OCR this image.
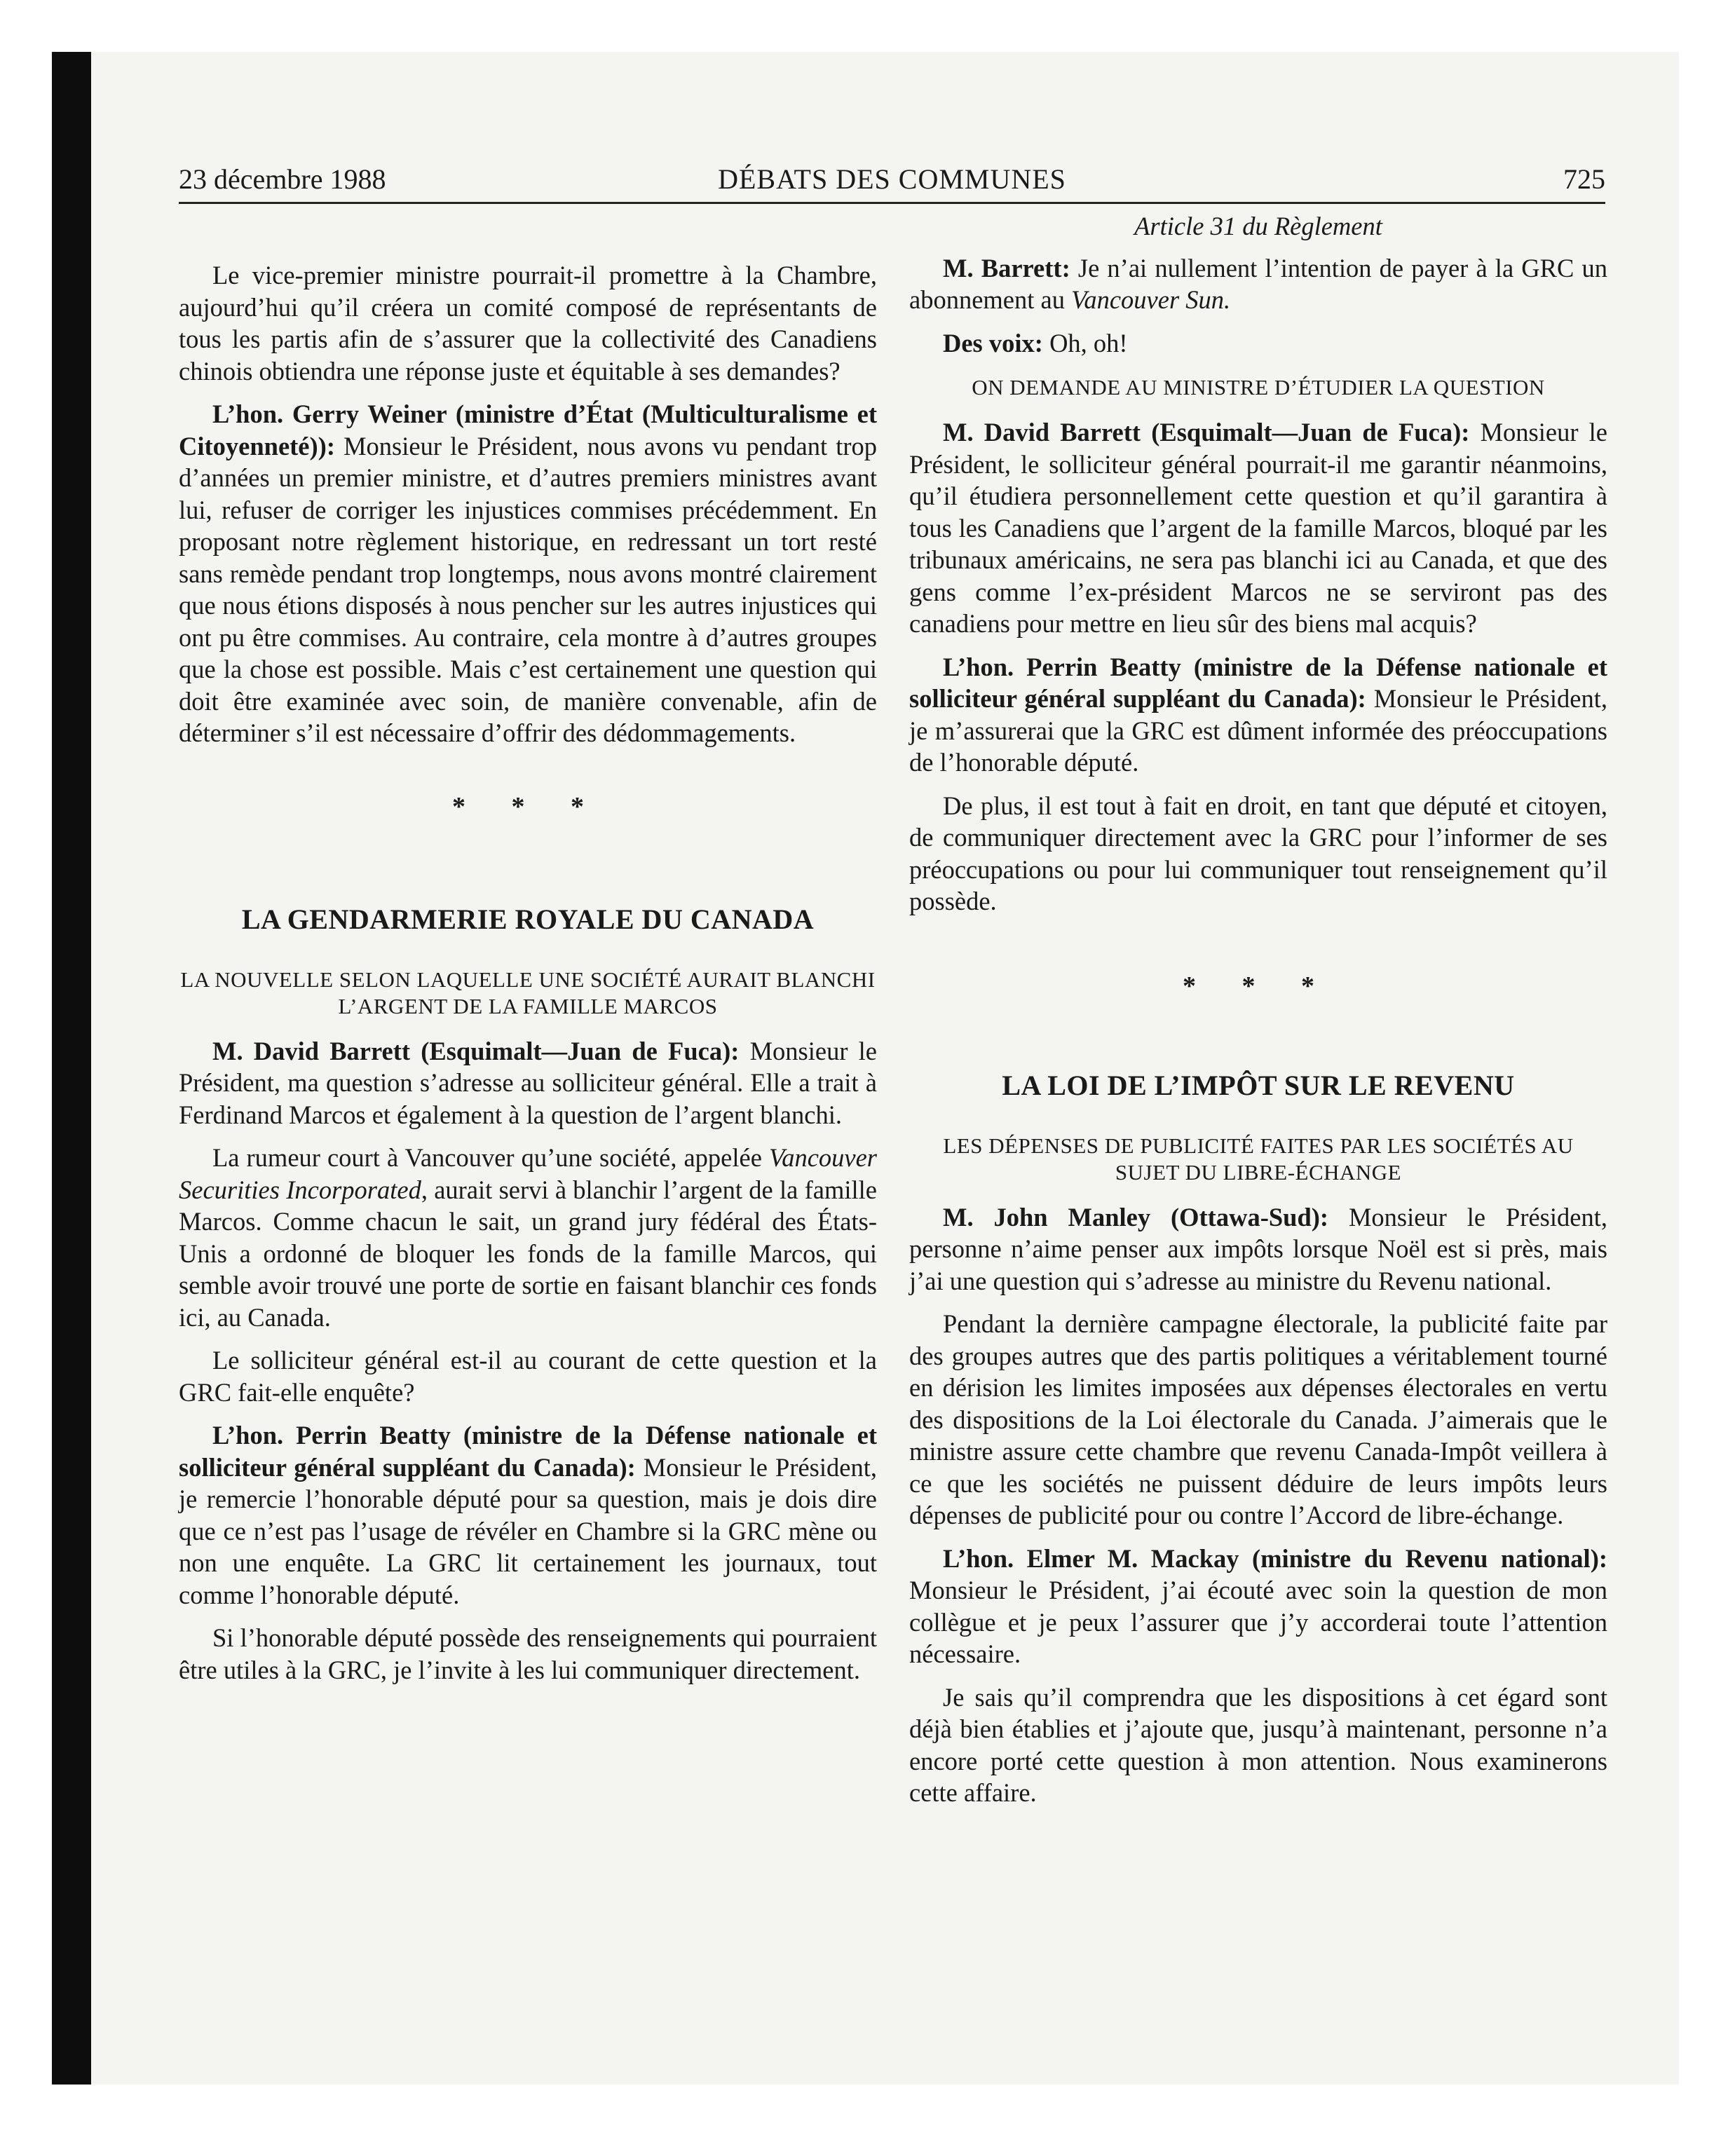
23 décembre 1988	DÉBATS DES COMMUNES	725

Le vice-premier ministre pourrait-il promettre à la Chambre, aujourd’hui qu’il créera un comité composé de représentants de tous les partis afin de s’assurer que la collectivité des Canadiens chinois obtiendra une réponse juste et équitable à ses demandes?

L’hon. Gerry Weiner (ministre d’État (Multiculturalisme et Citoyenneté)): Monsieur le Président, nous avons vu pendant trop d’années un premier ministre, et d’autres premiers ministres avant lui, refuser de corriger les injustices commises précédemment. En proposant notre règlement historique, en redressant un tort resté sans remède pendant trop longtemps, nous avons montré clairement que nous étions disposés à nous pencher sur les autres injustices qui ont pu être commises. Au contraire, cela montre à d’autres groupes que la chose est possible. Mais c’est certainement une question qui doit être examinée avec soin, de manière convenable, afin de déterminer s’il est nécessaire d’offrir des dédommagements.

* * *
LA GENDARMERIE ROYALE DU CANADA
LA NOUVELLE SELON LAQUELLE UNE SOCIÉTÉ AURAIT BLANCHI L’ARGENT DE LA FAMILLE MARCOS

M. David Barrett (Esquimalt—Juan de Fuca): Monsieur le Président, ma question s’adresse au solliciteur général. Elle a trait à Ferdinand Marcos et également à la question de l’argent blanchi.

La rumeur court à Vancouver qu’une société, appelée Vancouver Securities Incorporated, aurait servi à blanchir l’argent de la famille Marcos. Comme chacun le sait, un grand jury fédéral des États-Unis a ordonné de bloquer les fonds de la famille Marcos, qui semble avoir trouvé une porte de sortie en faisant blanchir ces fonds ici, au Canada.

Le solliciteur général est-il au courant de cette question et la GRC fait-elle enquête?

L’hon. Perrin Beatty (ministre de la Défense nationale et solliciteur général suppléant du Canada): Monsieur le Président, je remercie l’honorable député pour sa question, mais je dois dire que ce n’est pas l’usage de révéler en Chambre si la GRC mène ou non une enquête. La GRC lit certainement les journaux, tout comme l’honorable député.

Si l’honorable député possède des renseignements qui pourraient être utiles à la GRC, je l’invite à les lui communiquer directement.

Article 31 du Règlement

M. Barrett: Je n’ai nullement l’intention de payer à la GRC un abonnement au Vancouver Sun.

Des voix: Oh, oh!

ON DEMANDE AU MINISTRE D’ÉTUDIER LA QUESTION

M. David Barrett (Esquimalt—Juan de Fuca): Monsieur le Président, le solliciteur général pourrait-il me garantir néanmoins, qu’il étudiera personnellement cette question et qu’il garantira à tous les Canadiens que l’argent de la famille Marcos, bloqué par les tribunaux américains, ne sera pas blanchi ici au Canada, et que des gens comme l’ex-président Marcos ne se serviront pas des canadiens pour mettre en lieu sûr des biens mal acquis?

L’hon. Perrin Beatty (ministre de la Défense nationale et solliciteur général suppléant du Canada): Monsieur le Président, je m’assurerai que la GRC est dûment informée des préoccupations de l’honorable député.

De plus, il est tout à fait en droit, en tant que député et citoyen, de communiquer directement avec la GRC pour l’informer de ses préoccupations ou pour lui communiquer tout renseignement qu’il possède.

* * *
LA LOI DE L’IMPÔT SUR LE REVENU
LES DÉPENSES DE PUBLICITÉ FAITES PAR LES SOCIÉTÉS AU SUJET DU LIBRE-ÉCHANGE

M. John Manley (Ottawa-Sud): Monsieur le Président, personne n’aime penser aux impôts lorsque Noël est si près, mais j’ai une question qui s’adresse au ministre du Revenu national.

Pendant la dernière campagne électorale, la publicité faite par des groupes autres que des partis politiques a véritablement tourné en dérision les limites imposées aux dépenses électorales en vertu des dispositions de la Loi électorale du Canada. J’aimerais que le ministre assure cette chambre que revenu Canada-Impôt veillera à ce que les sociétés ne puissent déduire de leurs impôts leurs dépenses de publicité pour ou contre l’Accord de libre-échange.

L’hon. Elmer M. Mackay (ministre du Revenu national): Monsieur le Président, j’ai écouté avec soin la question de mon collègue et je peux l’assurer que j’y accorderai toute l’attention nécessaire.

Je sais qu’il comprendra que les dispositions à cet égard sont déjà bien établies et j’ajoute que, jusqu’à maintenant, personne n’a encore porté cette question à mon attention. Nous examinerons cette affaire.
